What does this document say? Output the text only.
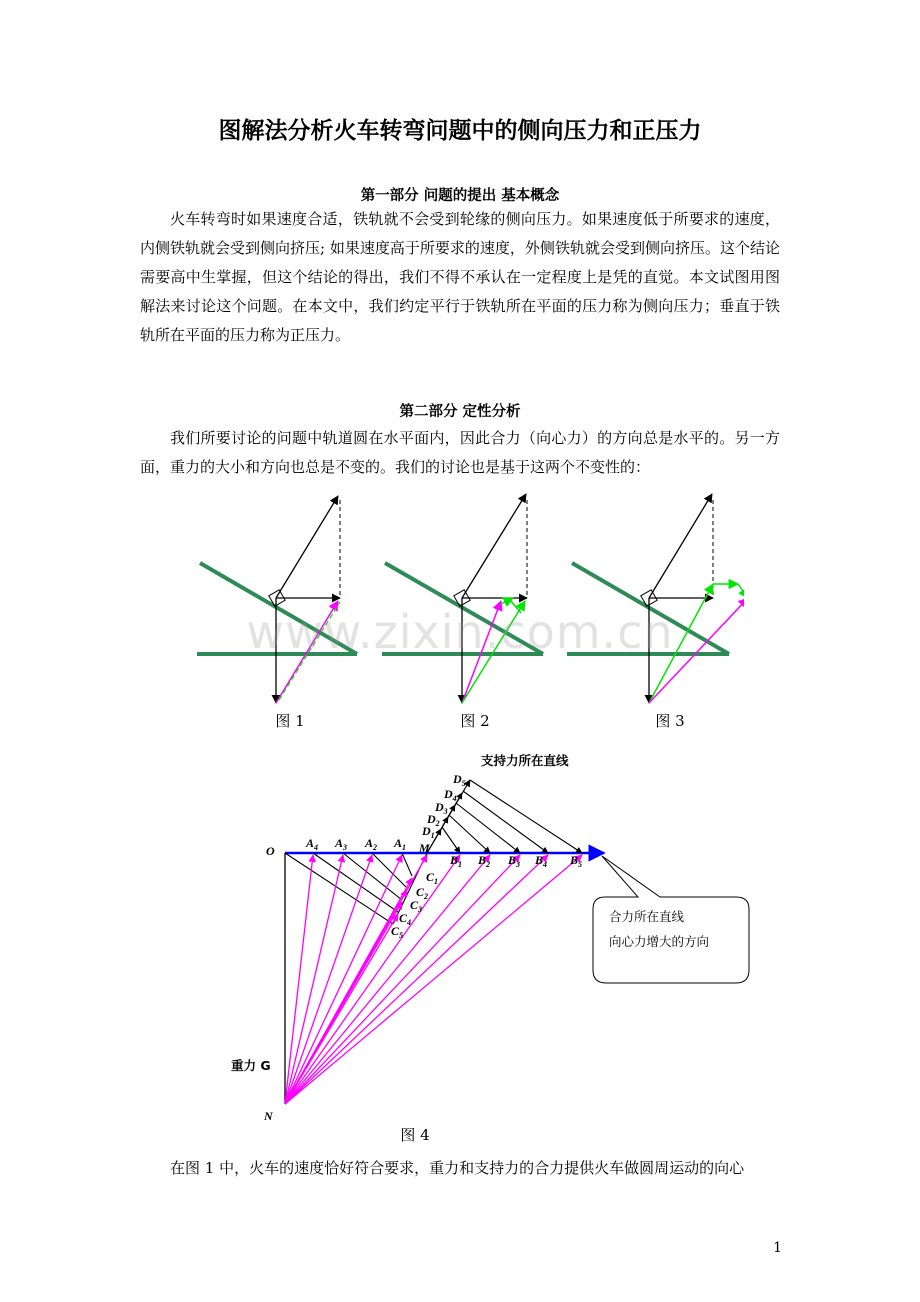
图解法分析火车转弯问题中的侧向压力和正压力
第一部分 问题的提出 基本概念
火车转弯时如果速度合适，铁轨就不会受到轮缘的侧向压力。如果速度低于所要求的速度，内侧铁轨就会受到侧向挤压; 如果速度高于所要求的速度，外侧铁轨就会受到侧向挤压。这个结论需要高中生掌握，但这个结论的得出，我们不得不承认在一定程度上是凭的直觉。本文试图用图解法来讨论这个问题。在本文中，我们约定平行于铁轨所在平面的压力称为侧向压力；垂直于铁轨所在平面的压力称为正压力。
第二部分 定性分析
我们所要讨论的问题中轨道圆在水平面内，因此合力（向心力）的方向总是水平的。另一方面，重力的大小和方向也总是不变的。我们的讨论也是基于这两个不变性的：
图 1	图 2	图 3
O	M
N
$A_4$ $A_3$ $A_2$ $A_1$
$B_1$ $B_2$ $B_3$ $B_4$ $B_5$
$D_1$
$D_2$
$D_3$
$D_4$
$D_5$
$C_1$
$C_2$
$C_3$
$C_4$
$C_5$
支持力所在直线
重力 G
合力所在直线
向心力增大的方向
图 4
www.zixin.com.cn
在图 1 中，火车的速度恰好符合要求，重力和支持力的合力提供火车做圆周运动的向心
1
